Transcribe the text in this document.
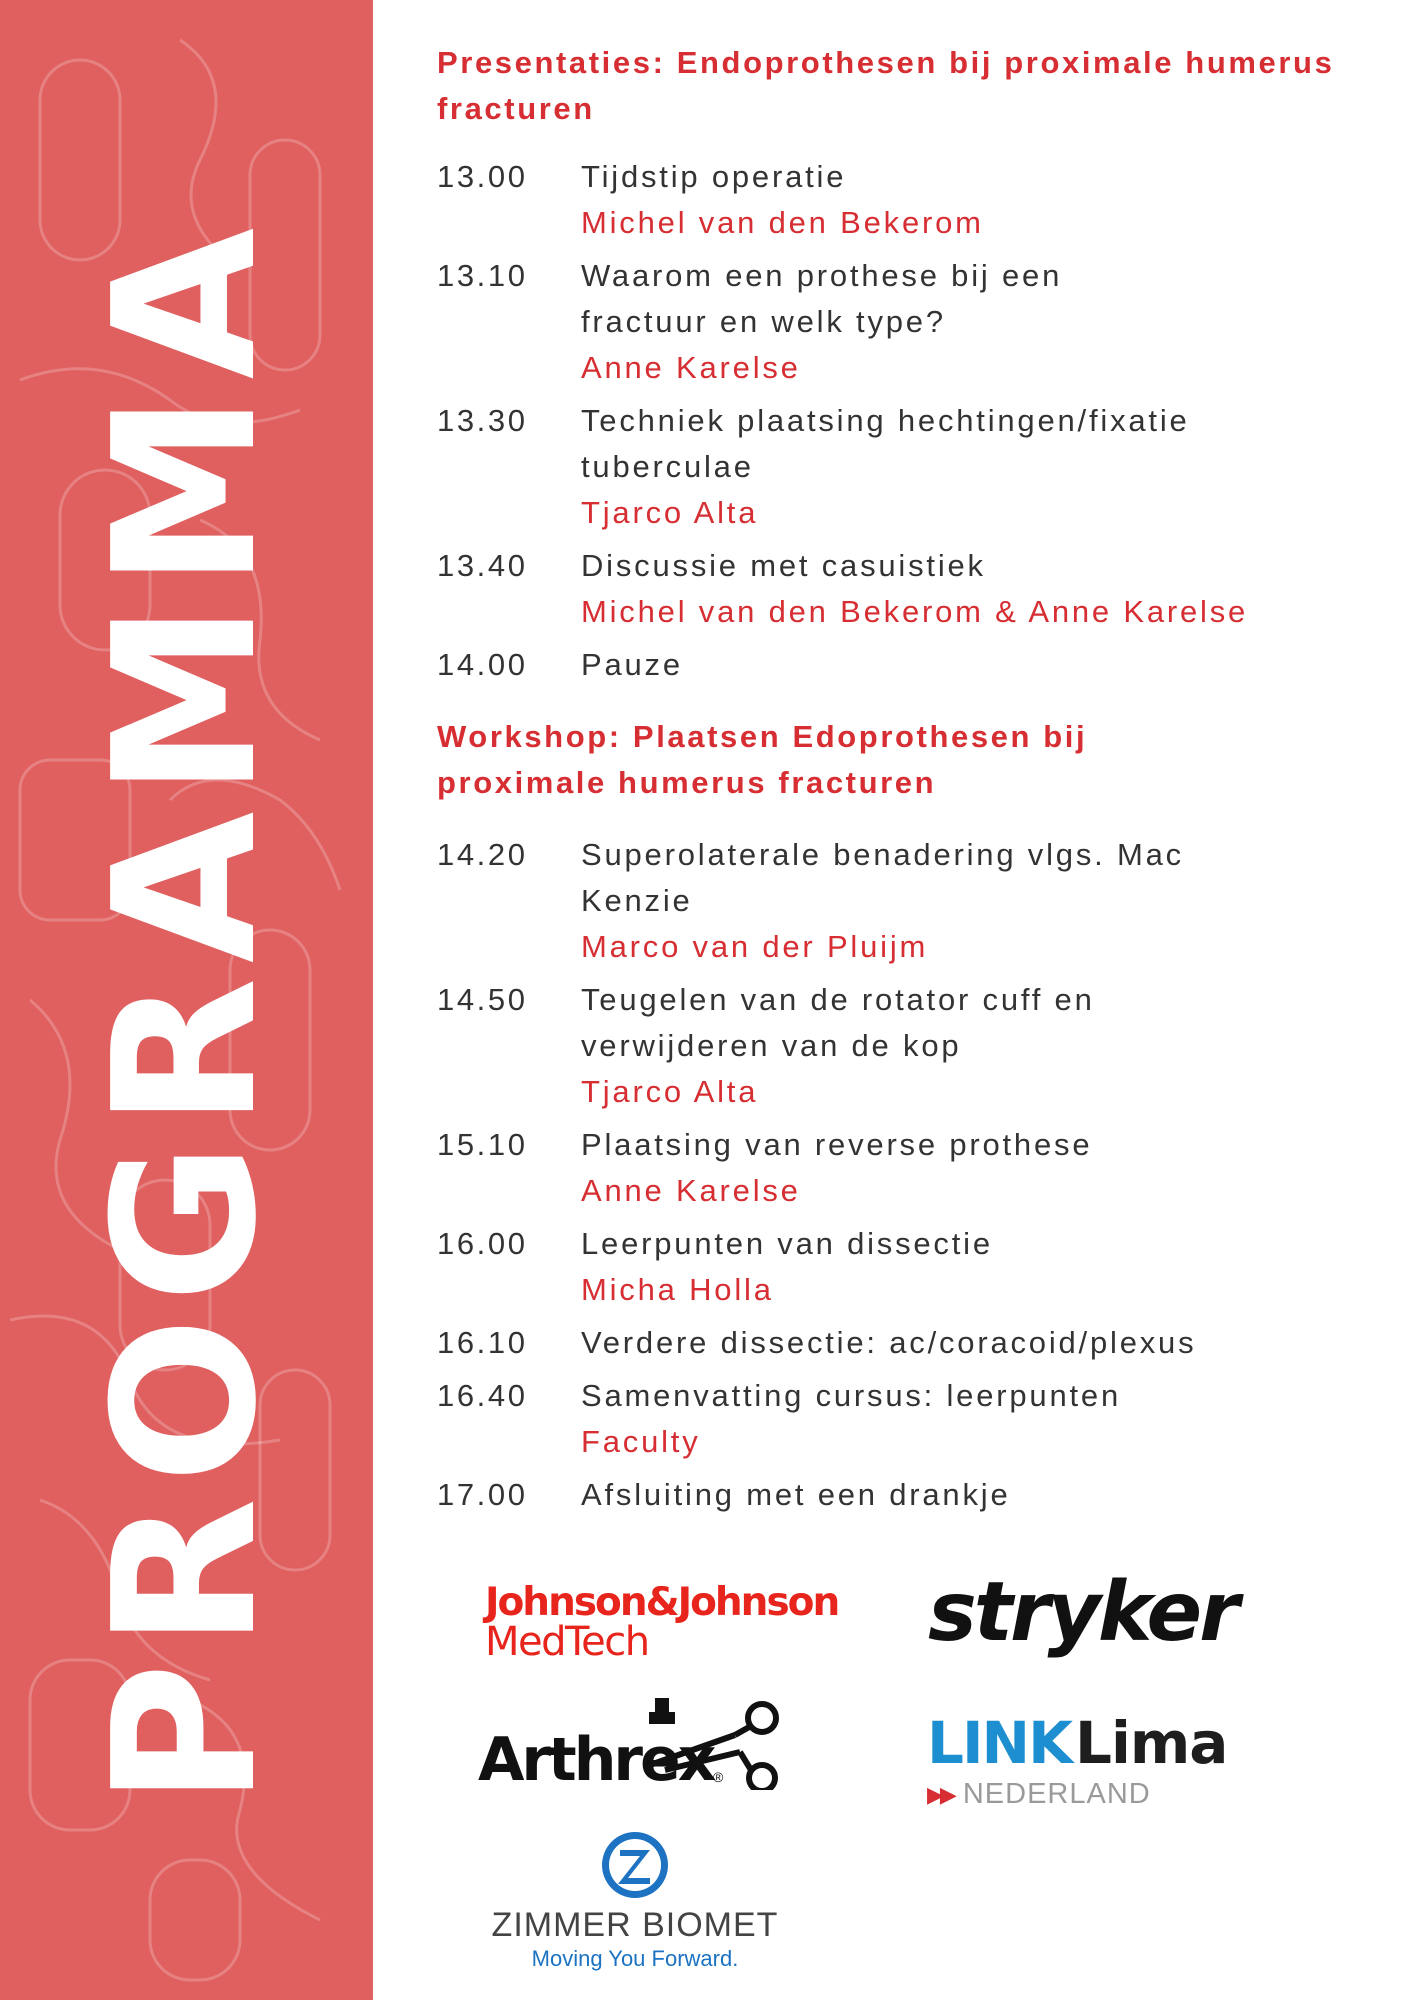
PROGRAMMA
Presentaties: Endoprothesen bij proximale humerus fracturen
13.00	Tijdstip operatie
Michel van den Bekerom
13.10	Waarom een prothese bij een fractuur en welk type?
Anne Karelse
13.30	Techniek plaatsing hechtingen/fixatie tuberculae
Tjarco Alta
13.40	Discussie met casuistiek
Michel van den Bekerom & Anne Karelse
14.00	Pauze
Workshop: Plaatsen Edoprothesen bij proximale humerus fracturen
14.20	Superolaterale benadering vlgs. Mac Kenzie
Marco van der Pluijm
14.50	Teugelen van de rotator cuff en verwijderen van de kop
Tjarco Alta
15.10	Plaatsing van reverse prothese
Anne Karelse
16.00	Leerpunten van dissectie
Micha Holla
16.10	Verdere dissectie: ac/coracoid/plexus
16.40	Samenvatting cursus: leerpunten
Faculty
17.00	Afsluiting met een drankje
Johnson&Johnson
MedTech	stryker
Arthrex ®	LINKLima
▶▶ NEDERLAND
ZIMMER BIOMET
Moving You Forward.
